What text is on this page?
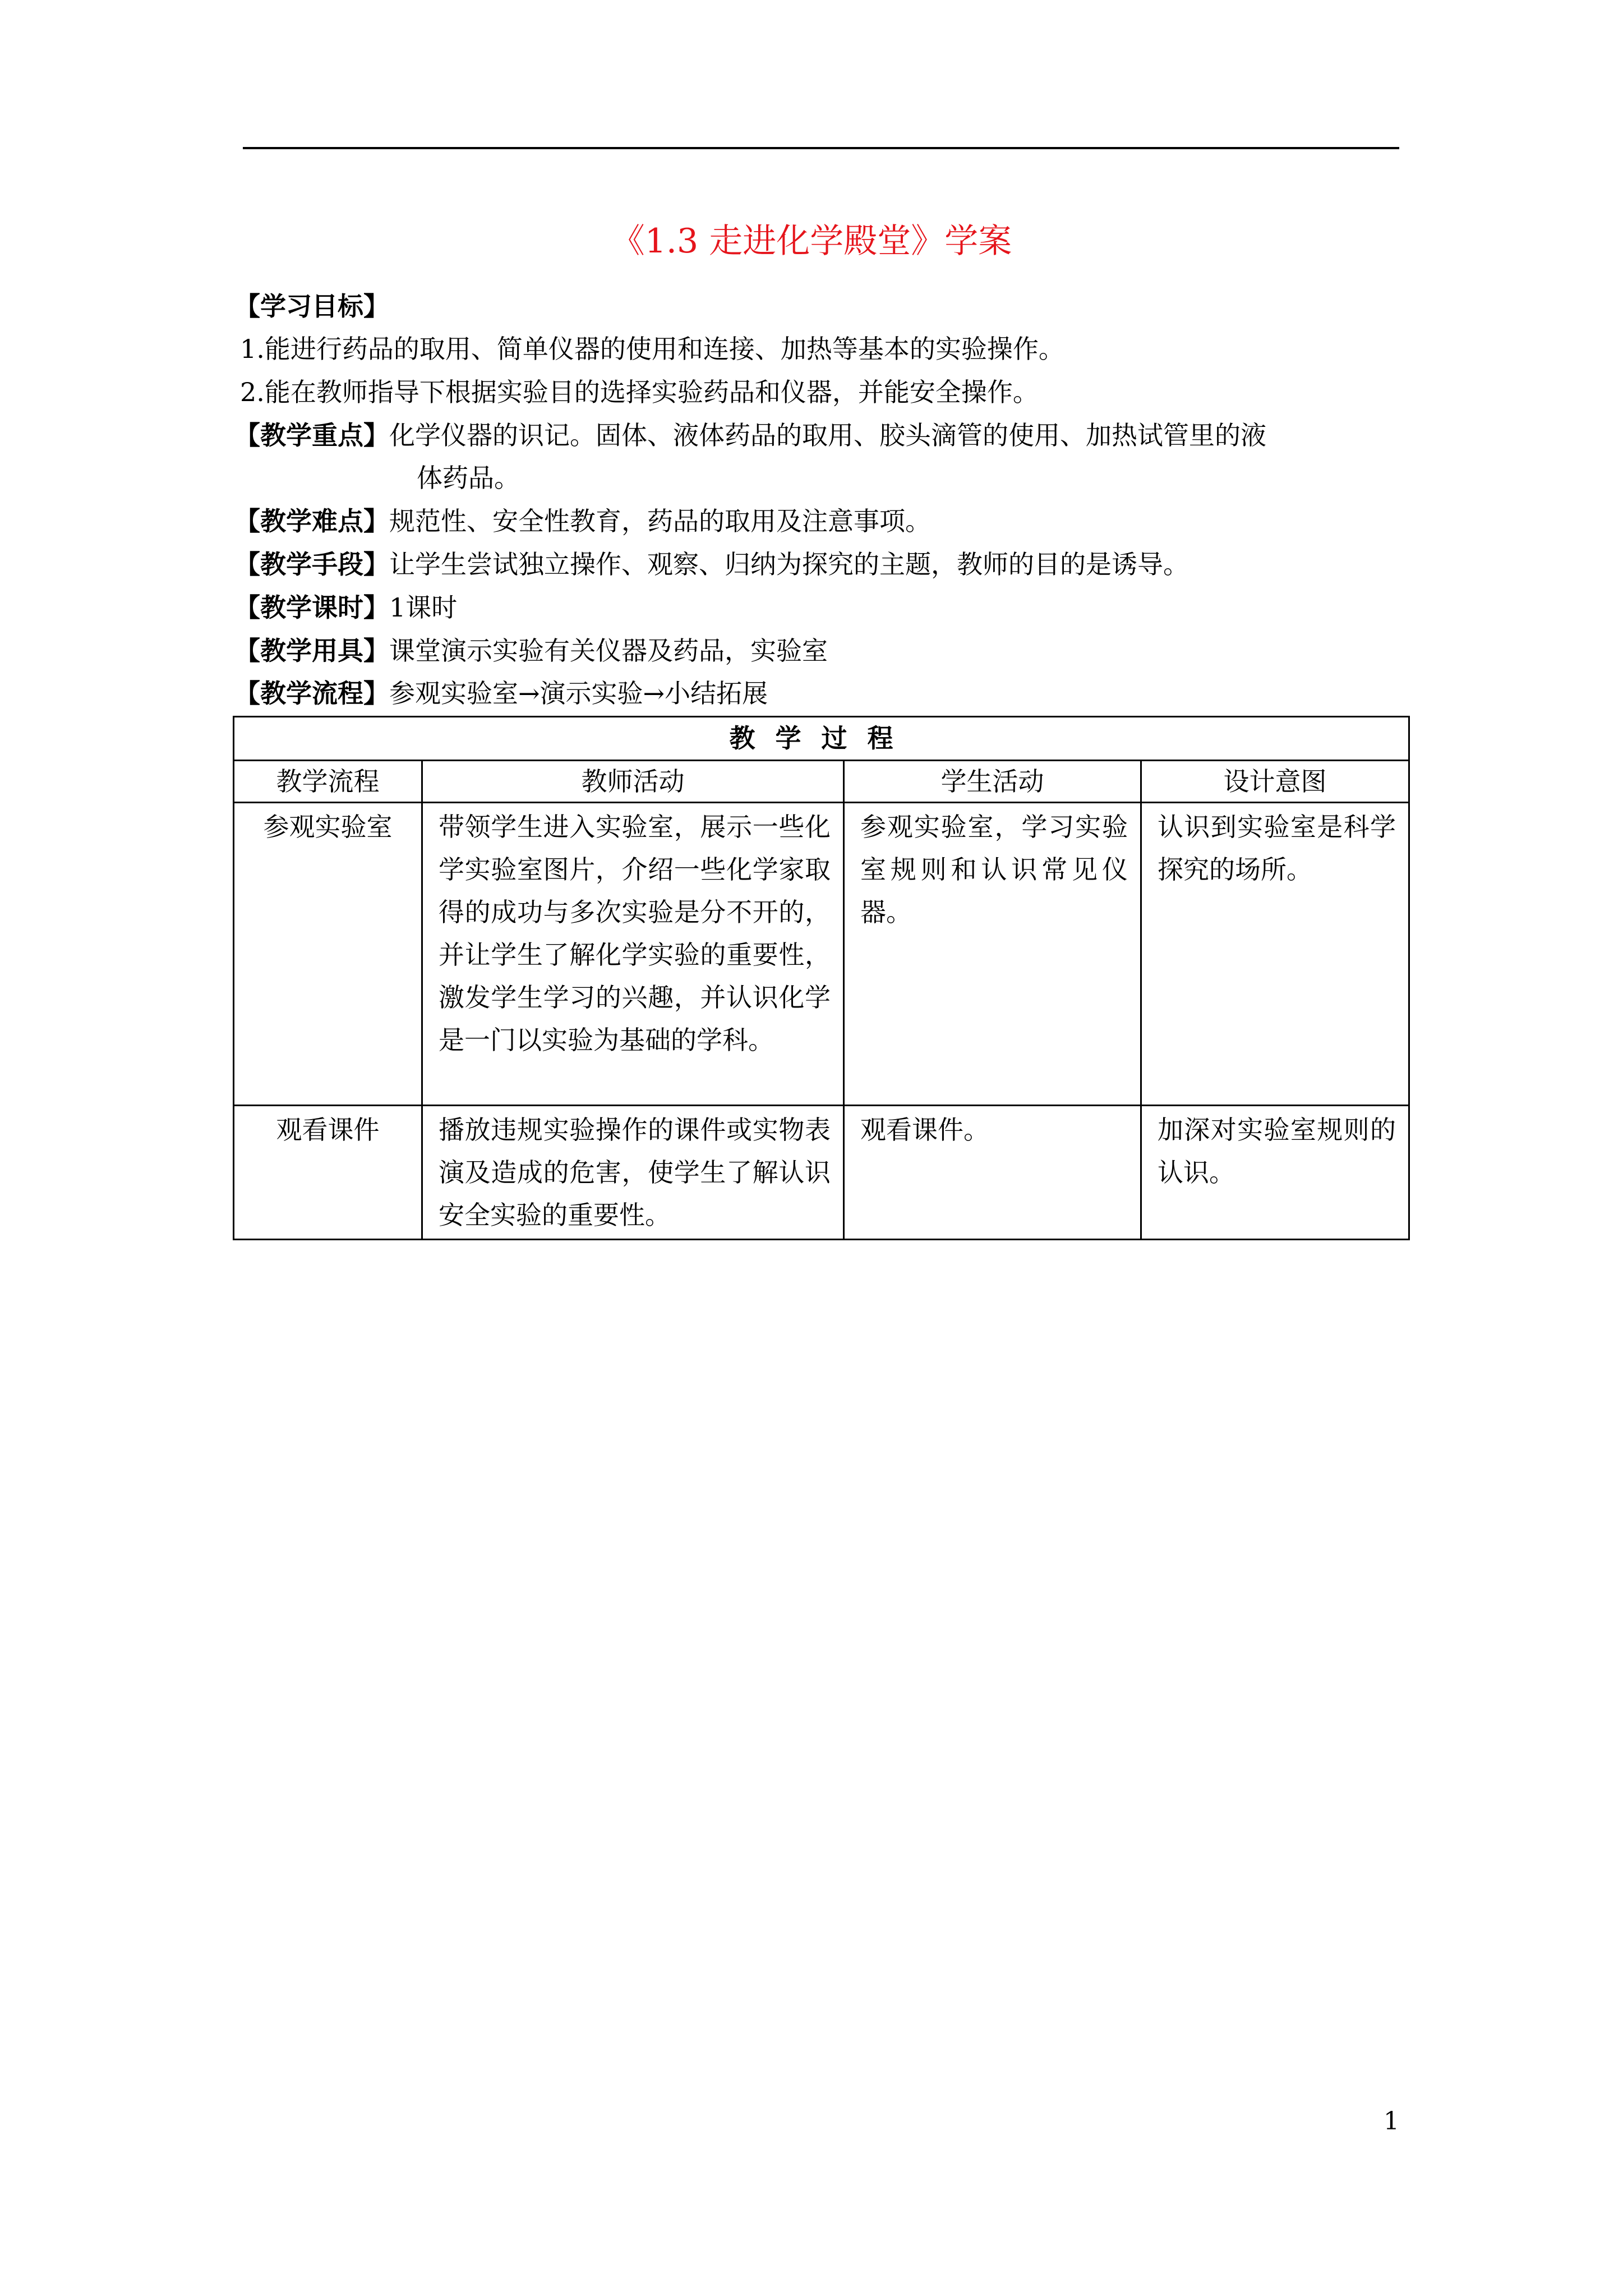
《1.3 走进化学殿堂》学案
【学习目标】
1.能进行药品的取用、简单仪器的使用和连接、加热等基本的实验操作。
2.能在教师指导下根据实验目的选择实验药品和仪器，并能安全操作。
【教学重点】化学仪器的识记。固体、液体药品的取用、胶头滴管的使用、加热试管里的液
体药品。
【教学难点】规范性、安全性教育，药品的取用及注意事项。
【教学手段】让学生尝试独立操作、观察、归纳为探究的主题，教师的目的是诱导。
【教学课时】1课时
【教学用具】课堂演示实验有关仪器及药品，实验室
【教学流程】参观实验室→演示实验→小结拓展
教学过程			
教学流程	教师活动	学生活动	设计意图
参观实验室	带领学生进入实验室，展示一些化学实验室图片，介绍一些化学家取得的成功与多次实验是分不开的，并让学生了解化学实验的重要性，激发学生学习的兴趣，并认识化学是一门以实验为基础的学科。	参观实验室，学习实验室规则和认识常见仪器。	认识到实验室是科学探究的场所。
观看课件	播放违规实验操作的课件或实物表演及造成的危害，使学生了解认识安全实验的重要性。	观看课件。	加深对实验室规则的认识。
1
